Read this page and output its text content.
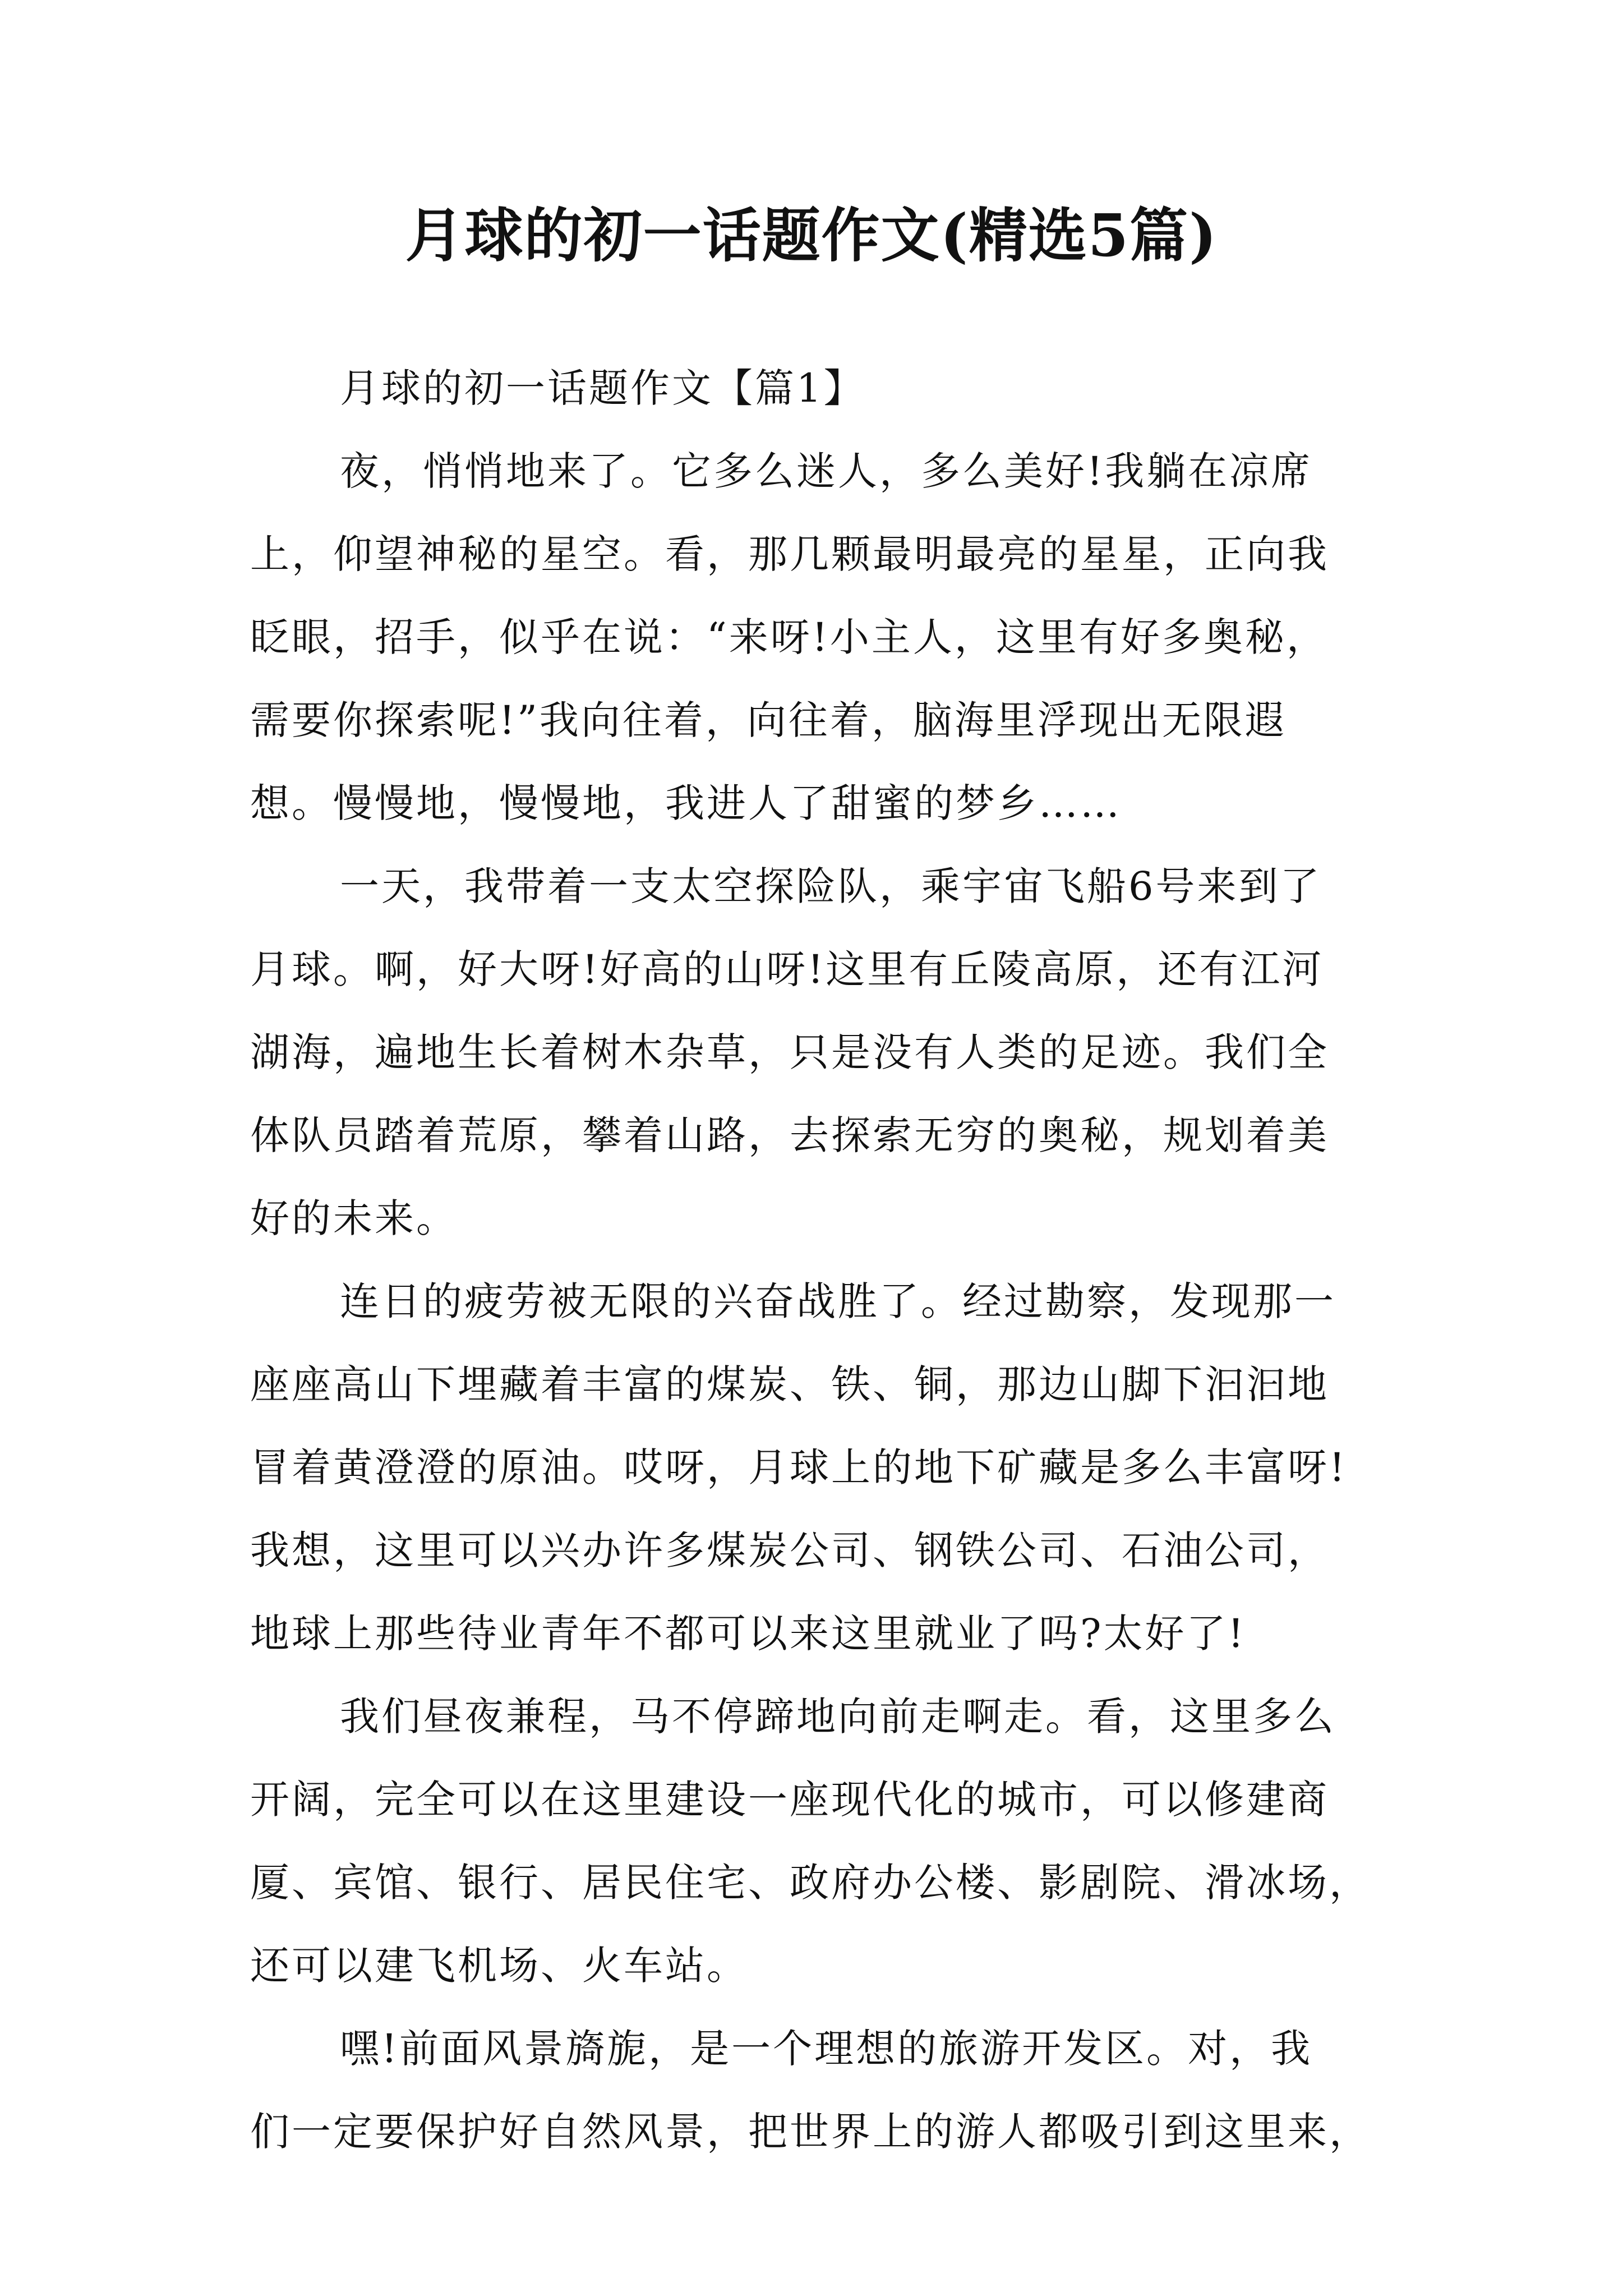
月球的初一话题作文(精选5篇)
月球的初一话题作文【篇1】
夜，悄悄地来了。它多么迷人，多么美好!我躺在凉席
上，仰望神秘的星空。看，那几颗最明最亮的星星，正向我
眨眼，招手，似乎在说：“来呀!小主人，这里有好多奥秘，
需要你探索呢!”我向往着，向往着，脑海里浮现出无限遐
想。慢慢地，慢慢地，我进人了甜蜜的梦乡……
一天，我带着一支太空探险队，乘宇宙飞船6号来到了
月球。啊，好大呀!好高的山呀!这里有丘陵高原，还有江河
湖海，遍地生长着树木杂草，只是没有人类的足迹。我们全
体队员踏着荒原，攀着山路，去探索无穷的奥秘，规划着美
好的未来。
连日的疲劳被无限的兴奋战胜了。经过勘察，发现那一
座座高山下埋藏着丰富的煤炭、铁、铜，那边山脚下汩汩地
冒着黄澄澄的原油。哎呀，月球上的地下矿藏是多么丰富呀!
我想，这里可以兴办许多煤炭公司、钢铁公司、石油公司，
地球上那些待业青年不都可以来这里就业了吗?太好了!
我们昼夜兼程，马不停蹄地向前走啊走。看，这里多么
开阔，完全可以在这里建设一座现代化的城市，可以修建商
厦、宾馆、银行、居民住宅、政府办公楼、影剧院、滑冰场，
还可以建飞机场、火车站。
嘿!前面风景旖旎，是一个理想的旅游开发区。对，我
们一定要保护好自然风景，把世界上的游人都吸引到这里来，
